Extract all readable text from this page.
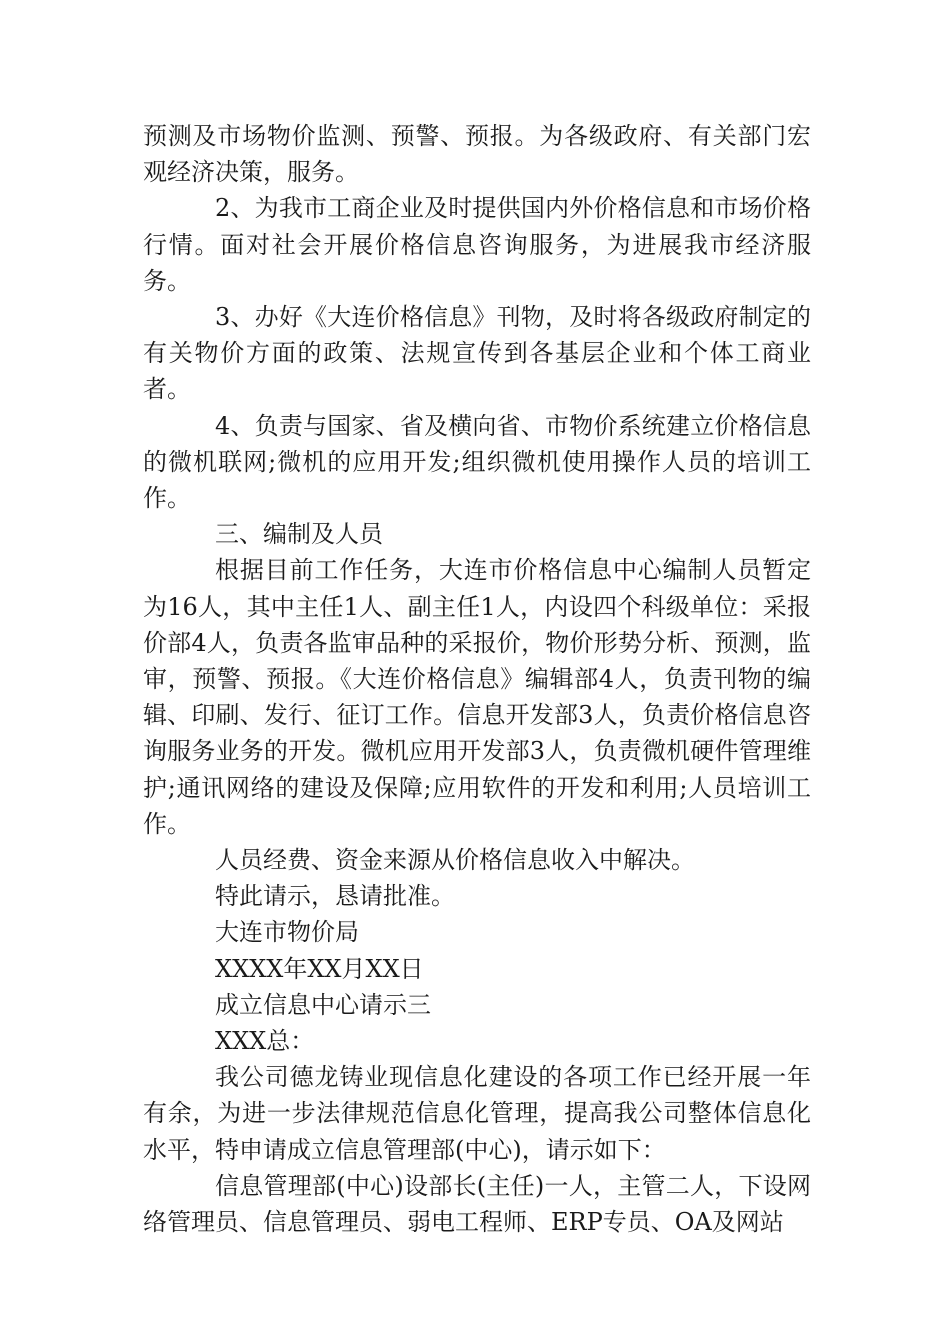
预测及市场物价监测、预警、预报。为各级政府、有关部门宏观经济决策，服务。

2、为我市工商企业及时提供国内外价格信息和市场价格行情。面对社会开展价格信息咨询服务，为进展我市经济服务。

3、办好《大连价格信息》刊物，及时将各级政府制定的有关物价方面的政策、法规宣传到各基层企业和个体工商业者。

4、负责与国家、省及横向省、市物价系统建立价格信息的微机联网;微机的应用开发;组织微机使用操作人员的培训工作。

三、编制及人员

根据目前工作任务，大连市价格信息中心编制人员暂定为16人，其中主任1人、副主任1人，内设四个科级单位：采报价部4人，负责各监审品种的采报价，物价形势分析、预测，监审，预警、预报。《大连价格信息》编辑部4人，负责刊物的编辑、印刷、发行、征订工作。信息开发部3人，负责价格信息咨询服务业务的开发。微机应用开发部3人，负责微机硬件管理维护;通讯网络的建设及保障;应用软件的开发和利用;人员培训工作。

人员经费、资金来源从价格信息收入中解决。

特此请示，恳请批准。

大连市物价局

XXXX年XX月XX日

成立信息中心请示三

XXX总：

我公司德龙铸业现信息化建设的各项工作已经开展一年有余，为进一步法律规范信息化管理，提高我公司整体信息化水平，特申请成立信息管理部(中心)，请示如下：

信息管理部(中心)设部长(主任)一人，主管二人，下设网络管理员、信息管理员、弱电工程师、ERP专员、OA及网站
